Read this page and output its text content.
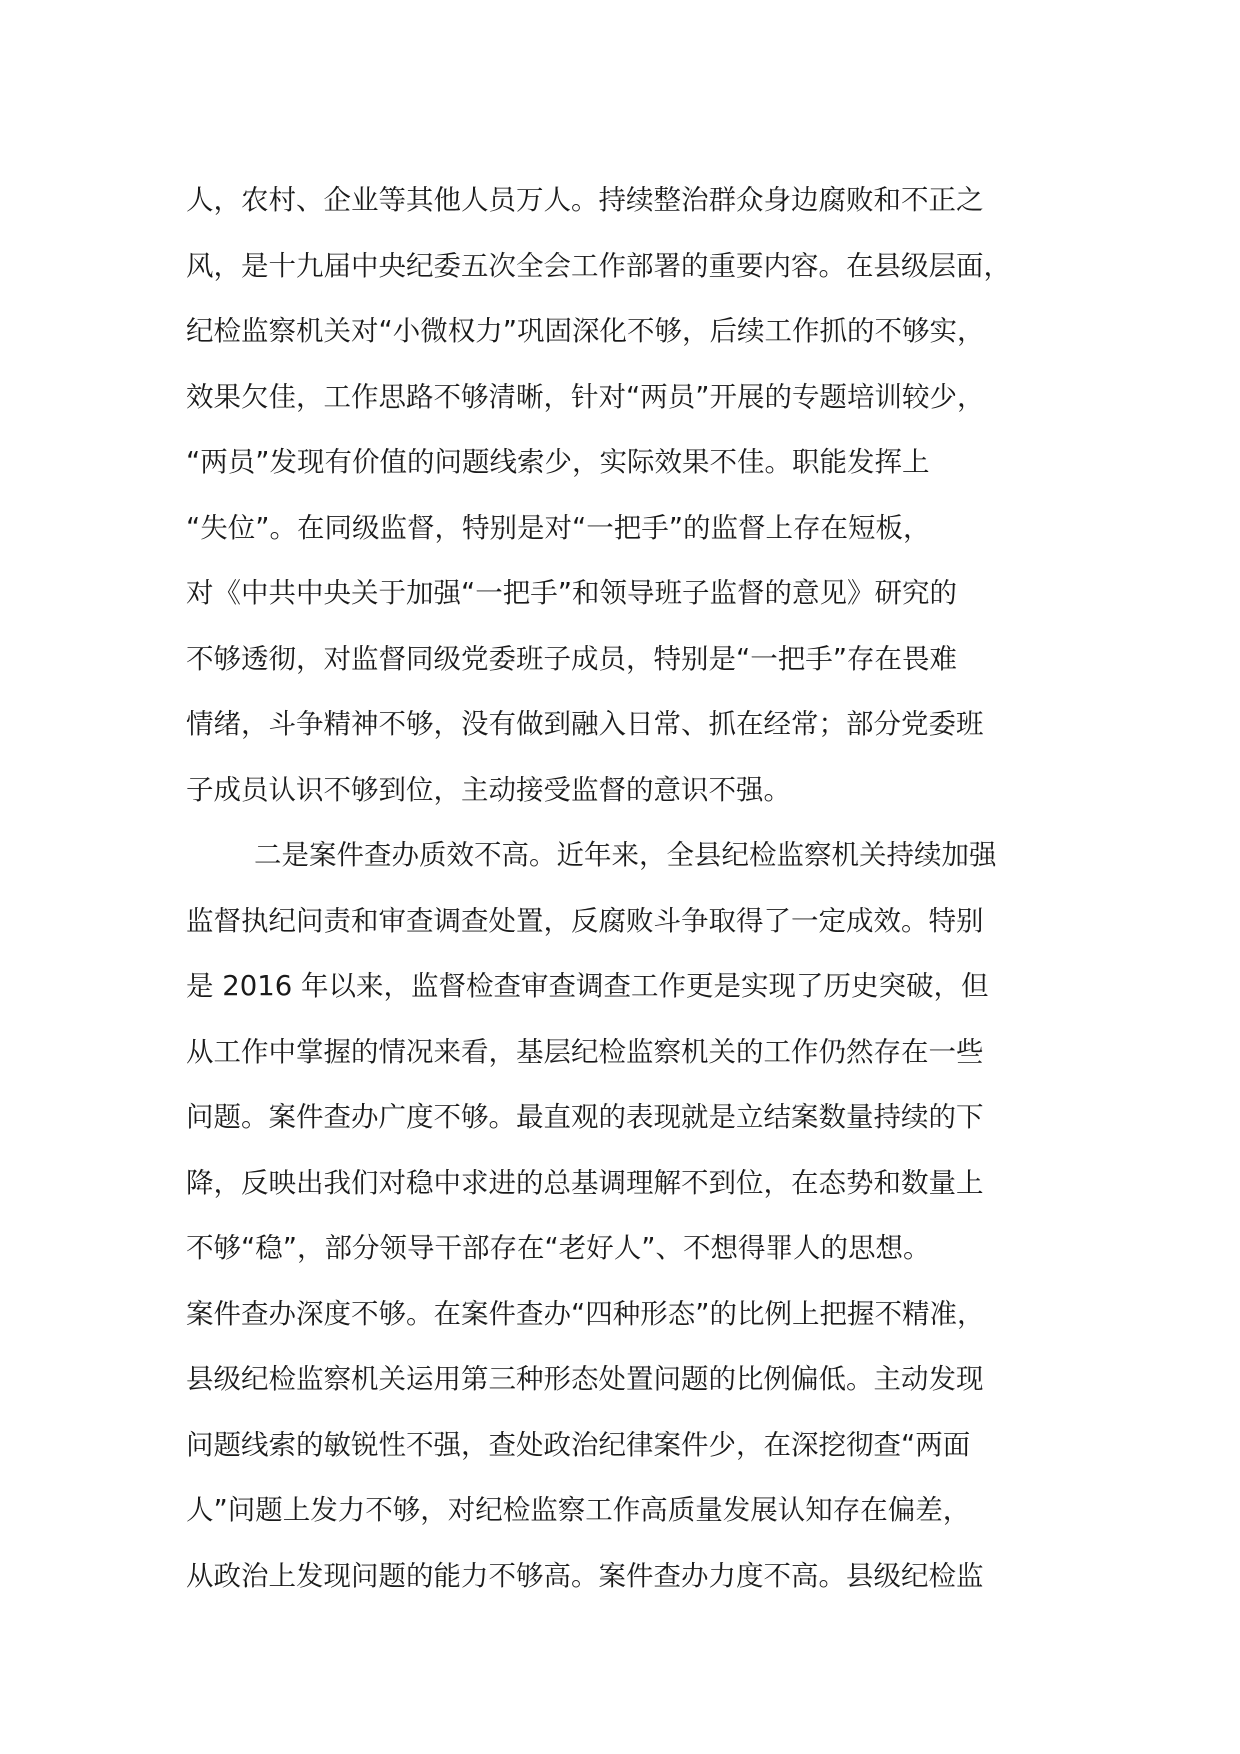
人，农村、企业等其他人员万人。持续整治群众身边腐败和不正之
风，是十九届中央纪委五次全会工作部署的重要内容。在县级层面，
纪检监察机关对“小微权力”巩固深化不够，后续工作抓的不够实，
效果欠佳，工作思路不够清晰，针对“两员”开展的专题培训较少，
“两员”发现有价值的问题线索少，实际效果不佳。职能发挥上
“失位”。在同级监督，特别是对“一把手”的监督上存在短板，
对《中共中央关于加强“一把手”和领导班子监督的意见》研究的
不够透彻，对监督同级党委班子成员，特别是“一把手”存在畏难
情绪，斗争精神不够，没有做到融入日常、抓在经常；部分党委班
子成员认识不够到位，主动接受监督的意识不强。
二是案件查办质效不高。近年来，全县纪检监察机关持续加强
监督执纪问责和审查调查处置，反腐败斗争取得了一定成效。特别
是 2016 年以来，监督检查审查调查工作更是实现了历史突破，但
从工作中掌握的情况来看，基层纪检监察机关的工作仍然存在一些
问题。案件查办广度不够。最直观的表现就是立结案数量持续的下
降，反映出我们对稳中求进的总基调理解不到位，在态势和数量上
不够“稳”，部分领导干部存在“老好人”、不想得罪人的思想。
案件查办深度不够。在案件查办“四种形态”的比例上把握不精准，
县级纪检监察机关运用第三种形态处置问题的比例偏低。主动发现
问题线索的敏锐性不强，查处政治纪律案件少，在深挖彻查“两面
人”问题上发力不够，对纪检监察工作高质量发展认知存在偏差，
从政治上发现问题的能力不够高。案件查办力度不高。县级纪检监
